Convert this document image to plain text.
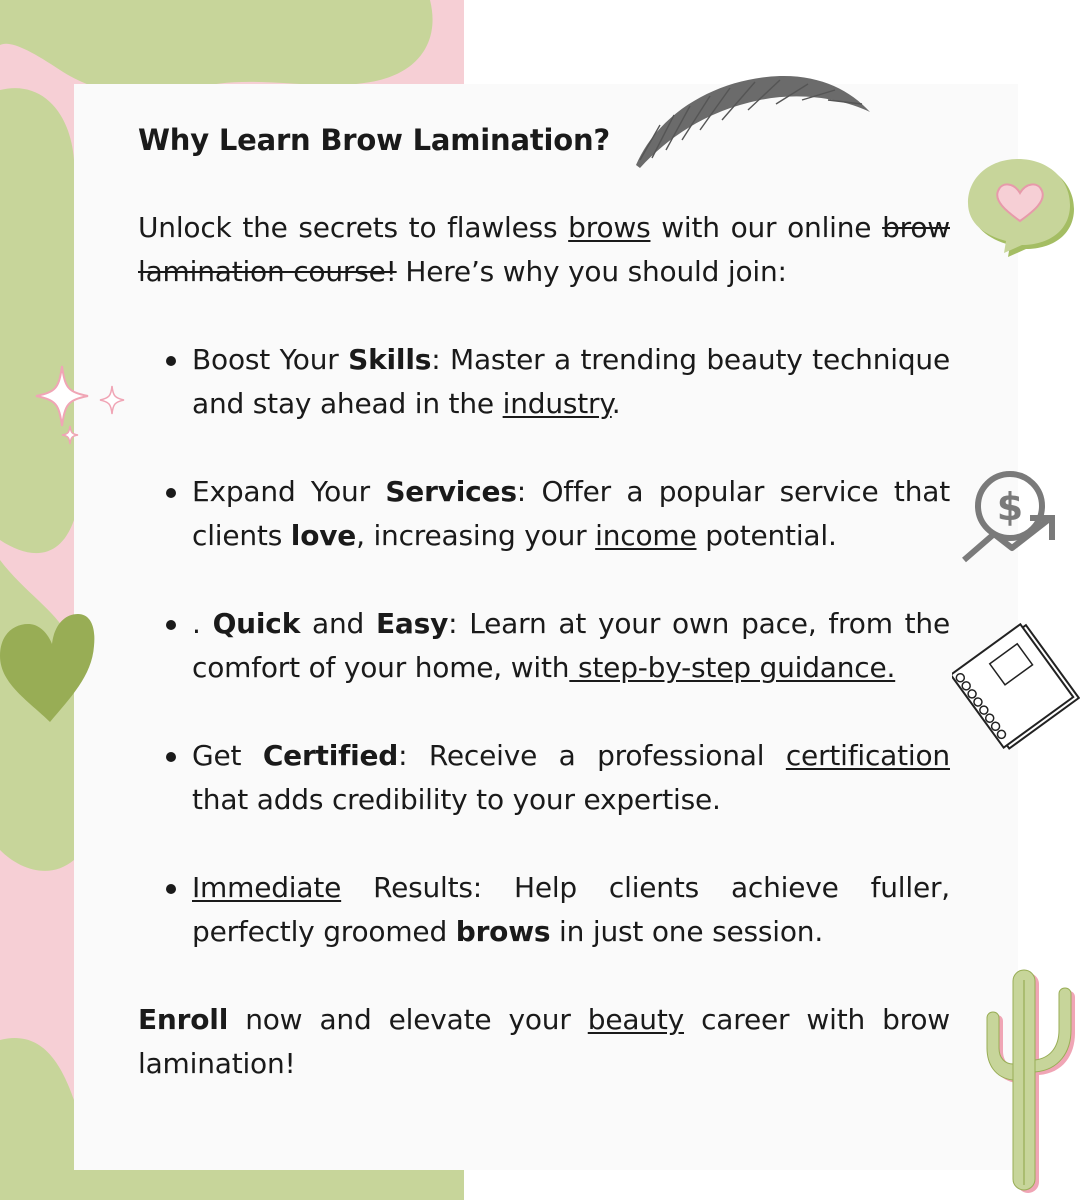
$
Why Learn Brow Lamination?

Unlock the secrets to flawless brows with our online brow lamination course! Here’s why you should join:

Boost Your Skills: Master a trending beauty technique and stay ahead in the industry.
Expand Your Services: Offer a popular service that clients love, increasing your income potential.
. Quick and Easy: Learn at your own pace, from the comfort of your home, with step-by-step guidance.
Get Certified: Receive a professional certification that adds credibility to your expertise.
Immediate Results: Help clients achieve fuller, perfectly groomed brows in just one session.

Enroll now and elevate your beauty career with brow lamination!
